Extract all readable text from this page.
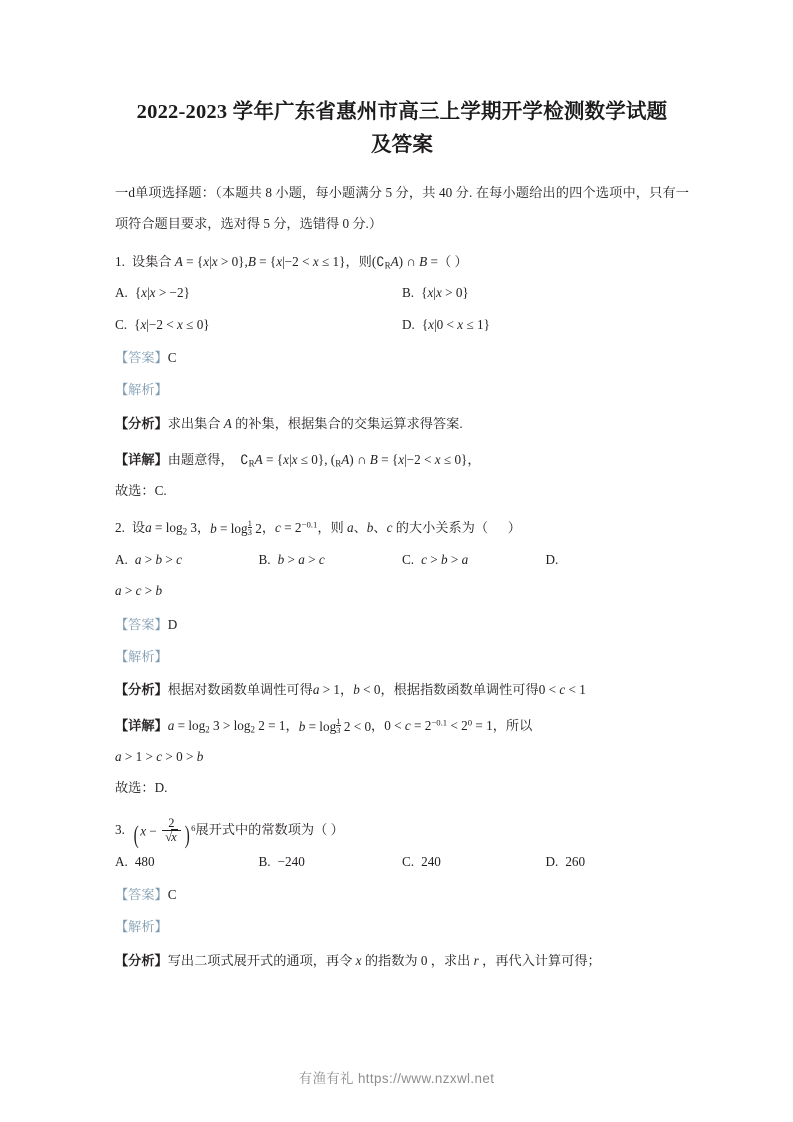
2022-2023 学年广东省惠州市高三上学期开学检测数学试题
及答案

一d单项选择题：（本题共 8 小题，每小题满分 5 分，共 40 分. 在每小题给出的四个选项中，只有一项符合题目要求，选对得 5 分，选错得 0 分.）

1. 设集合 A = {x|x > 0},B = {x|−2 < x ≤ 1}，则$(∁_RA)$ ∩ B =（ ）
A. {x|x > −2}	B. {x|x > 0}
C. {x|−2 < x ≤ 0}	D. {x|0 < x ≤ 1}
【答案】C
【解析】
【分析】求出集合 A 的补集，根据集合的交集运算求得答案.
【详解】由题意得， $∁_RA = \{x|x \le 0\}$, $(_RA)$ ∩ B = {x|−2 < x ≤ 0}，
故选：C.
2. 设$a = \log_2 3$，$b = \log \frac{1}{3} 2$，$c = 2^{-0.1}$，则 a、b、c 的大小关系为（      ）
A. a > b > c	B. b > a > c	C. c > b > a	D.
a > c > b
【答案】D
【解析】
【分析】根据对数函数单调性可得a > 1，b < 0，根据指数函数单调性可得0 < c < 1
【详解】$a = \log_2 3 > \log_2 2 = 1$，$b = \log \frac{1}{3} 2 < 0$，$0 < c = 2^{-0.1} < 2^0 = 1$，所以
a > 1 > c > 0 > b
故选：D.
3. ( $x - \frac{2}{√x}$ ) $^6$展开式中的常数项为（ ）
A. 480	B. −240	C. 240	D. 260
【答案】C
【解析】
【分析】写出二项式展开式的通项，再令 x 的指数为 0 ，求出 r ，再代入计算可得；
有渔有礼 https://www.nzxwl.net
